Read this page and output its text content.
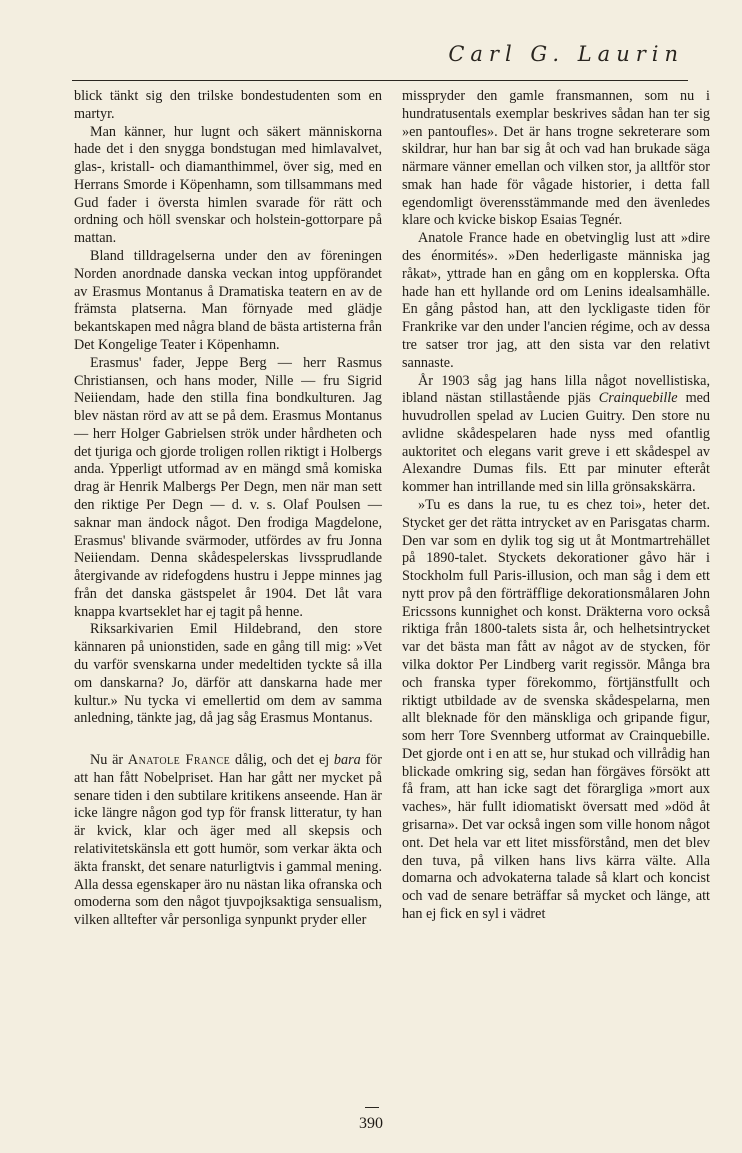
Carl G. Laurin

blick tänkt sig den trilske bondestudenten som en martyr.

Man känner, hur lugnt och säkert människorna hade det i den snygga bondstugan med himlavalvet, glas-, kristall- och diamanthimmel, över sig, med en Herrans Smorde i Köpenhamn, som tillsammans med Gud fader i översta himlen svarade för rätt och ordning och höll svenskar och holstein-gottorpare på mattan.

Bland tilldragelserna under den av föreningen Norden anordnade danska veckan intog uppförandet av Erasmus Montanus å Dramatiska teatern en av de främsta platserna. Man förnyade med glädje bekantskapen med några bland de bästa artisterna från Det Kongelige Teater i Köpenhamn.

Erasmus' fader, Jeppe Berg — herr Rasmus Christiansen, och hans moder, Nille — fru Sigrid Neiiendam, hade den stilla fina bondkulturen. Jag blev nästan rörd av att se på dem. Erasmus Montanus — herr Holger Gabrielsen strök under hårdheten och det tjuriga och gjorde troligen rollen riktigt i Holbergs anda. Ypperligt utformad av en mängd små komiska drag är Henrik Malbergs Per Degn, men när man sett den riktige Per Degn — d. v. s. Olaf Poulsen — saknar man ändock något. Den frodiga Magdelone, Erasmus' blivande svärmoder, utfördes av fru Jonna Neiiendam. Denna skådespelerskas livssprudlande återgivande av ridefogdens hustru i Jeppe minnes jag från det danska gästspelet år 1904. Det låt vara knappa kvartseklet har ej tagit på henne.

Riksarkivarien Emil Hildebrand, den store kännaren på unionstiden, sade en gång till mig: »Vet du varför svenskarna under medeltiden tyckte så illa om danskarna? Jo, därför att danskarna hade mer kultur.» Nu tycka vi emellertid om dem av samma anledning, tänkte jag, då jag såg Erasmus Montanus.

Nu är Anatole France dålig, och det ej bara för att han fått Nobelpriset. Han har gått ner mycket på senare tiden i den subtilare kritikens anseende. Han är icke längre någon god typ för fransk litteratur, ty han är kvick, klar och äger med all skepsis och relativitetskänsla ett gott humör, som verkar äkta och äkta franskt, det senare naturligtvis i gammal mening. Alla dessa egenskaper äro nu nästan lika ofranska och omoderna som den något tjuvpojksaktiga sensualism, vilken alltefter vår personliga synpunkt pryder eller

misspryder den gamle fransmannen, som nu i hundratusentals exemplar beskrives sådan han ter sig »en pantoufles». Det är hans trogne sekreterare som skildrar, hur han bar sig åt och vad han brukade säga närmare vänner emellan och vilken stor, ja alltför stor smak han hade för vågade historier, i detta fall egendomligt överensstämmande med den ävenledes klare och kvicke biskop Esaias Tegnér.

Anatole France hade en obetvinglig lust att »dire des énormités». »Den hederligaste människa jag råkat», yttrade han en gång om en kopplerska. Ofta hade han ett hyllande ord om Lenins idealsamhälle. En gång påstod han, att den lyckligaste tiden för Frankrike var den under l'ancien régime, och av dessa tre satser tror jag, att den sista var den relativt sannaste.

År 1903 såg jag hans lilla något novellistiska, ibland nästan stillastående pjäs Crainquebille med huvudrollen spelad av Lucien Guitry. Den store nu avlidne skådespelaren hade nyss med ofantlig auktoritet och elegans varit greve i ett skådespel av Alexandre Dumas fils. Ett par minuter efteråt kommer han intrillande med sin lilla grönsakskärra.

»Tu es dans la rue, tu es chez toi», heter det. Stycket ger det rätta intrycket av en Parisgatas charm. Den var som en dylik tog sig ut åt Montmartrehället på 1890-talet. Styckets dekorationer gåvo här i Stockholm full Paris-illusion, och man såg i dem ett nytt prov på den förträfflige dekorationsmålaren John Ericssons kunnighet och konst. Dräkterna voro också riktiga från 1800-talets sista år, och helhetsintrycket var det bästa man fått av något av de stycken, för vilka doktor Per Lindberg varit regissör. Många bra och franska typer förekommo, förtjänstfullt och riktigt utbildade av de svenska skådespelarna, men allt bleknade för den mänskliga och gripande figur, som herr Tore Svennberg utformat av Crainquebille. Det gjorde ont i en att se, hur stukad och villrådig han blickade omkring sig, sedan han förgäves försökt att få fram, att han icke sagt det förargliga »mort aux vaches», här fullt idiomatiskt översatt med »död åt grisarna». Det var också ingen som ville honom något ont. Det hela var ett litet missförstånd, men det blev den tuva, på vilken hans livs kärra välte. Alla domarna och advokaterna talade så klart och koncist och vad de senare beträffar så mycket och länge, att han ej fick en syl i vädret

390
